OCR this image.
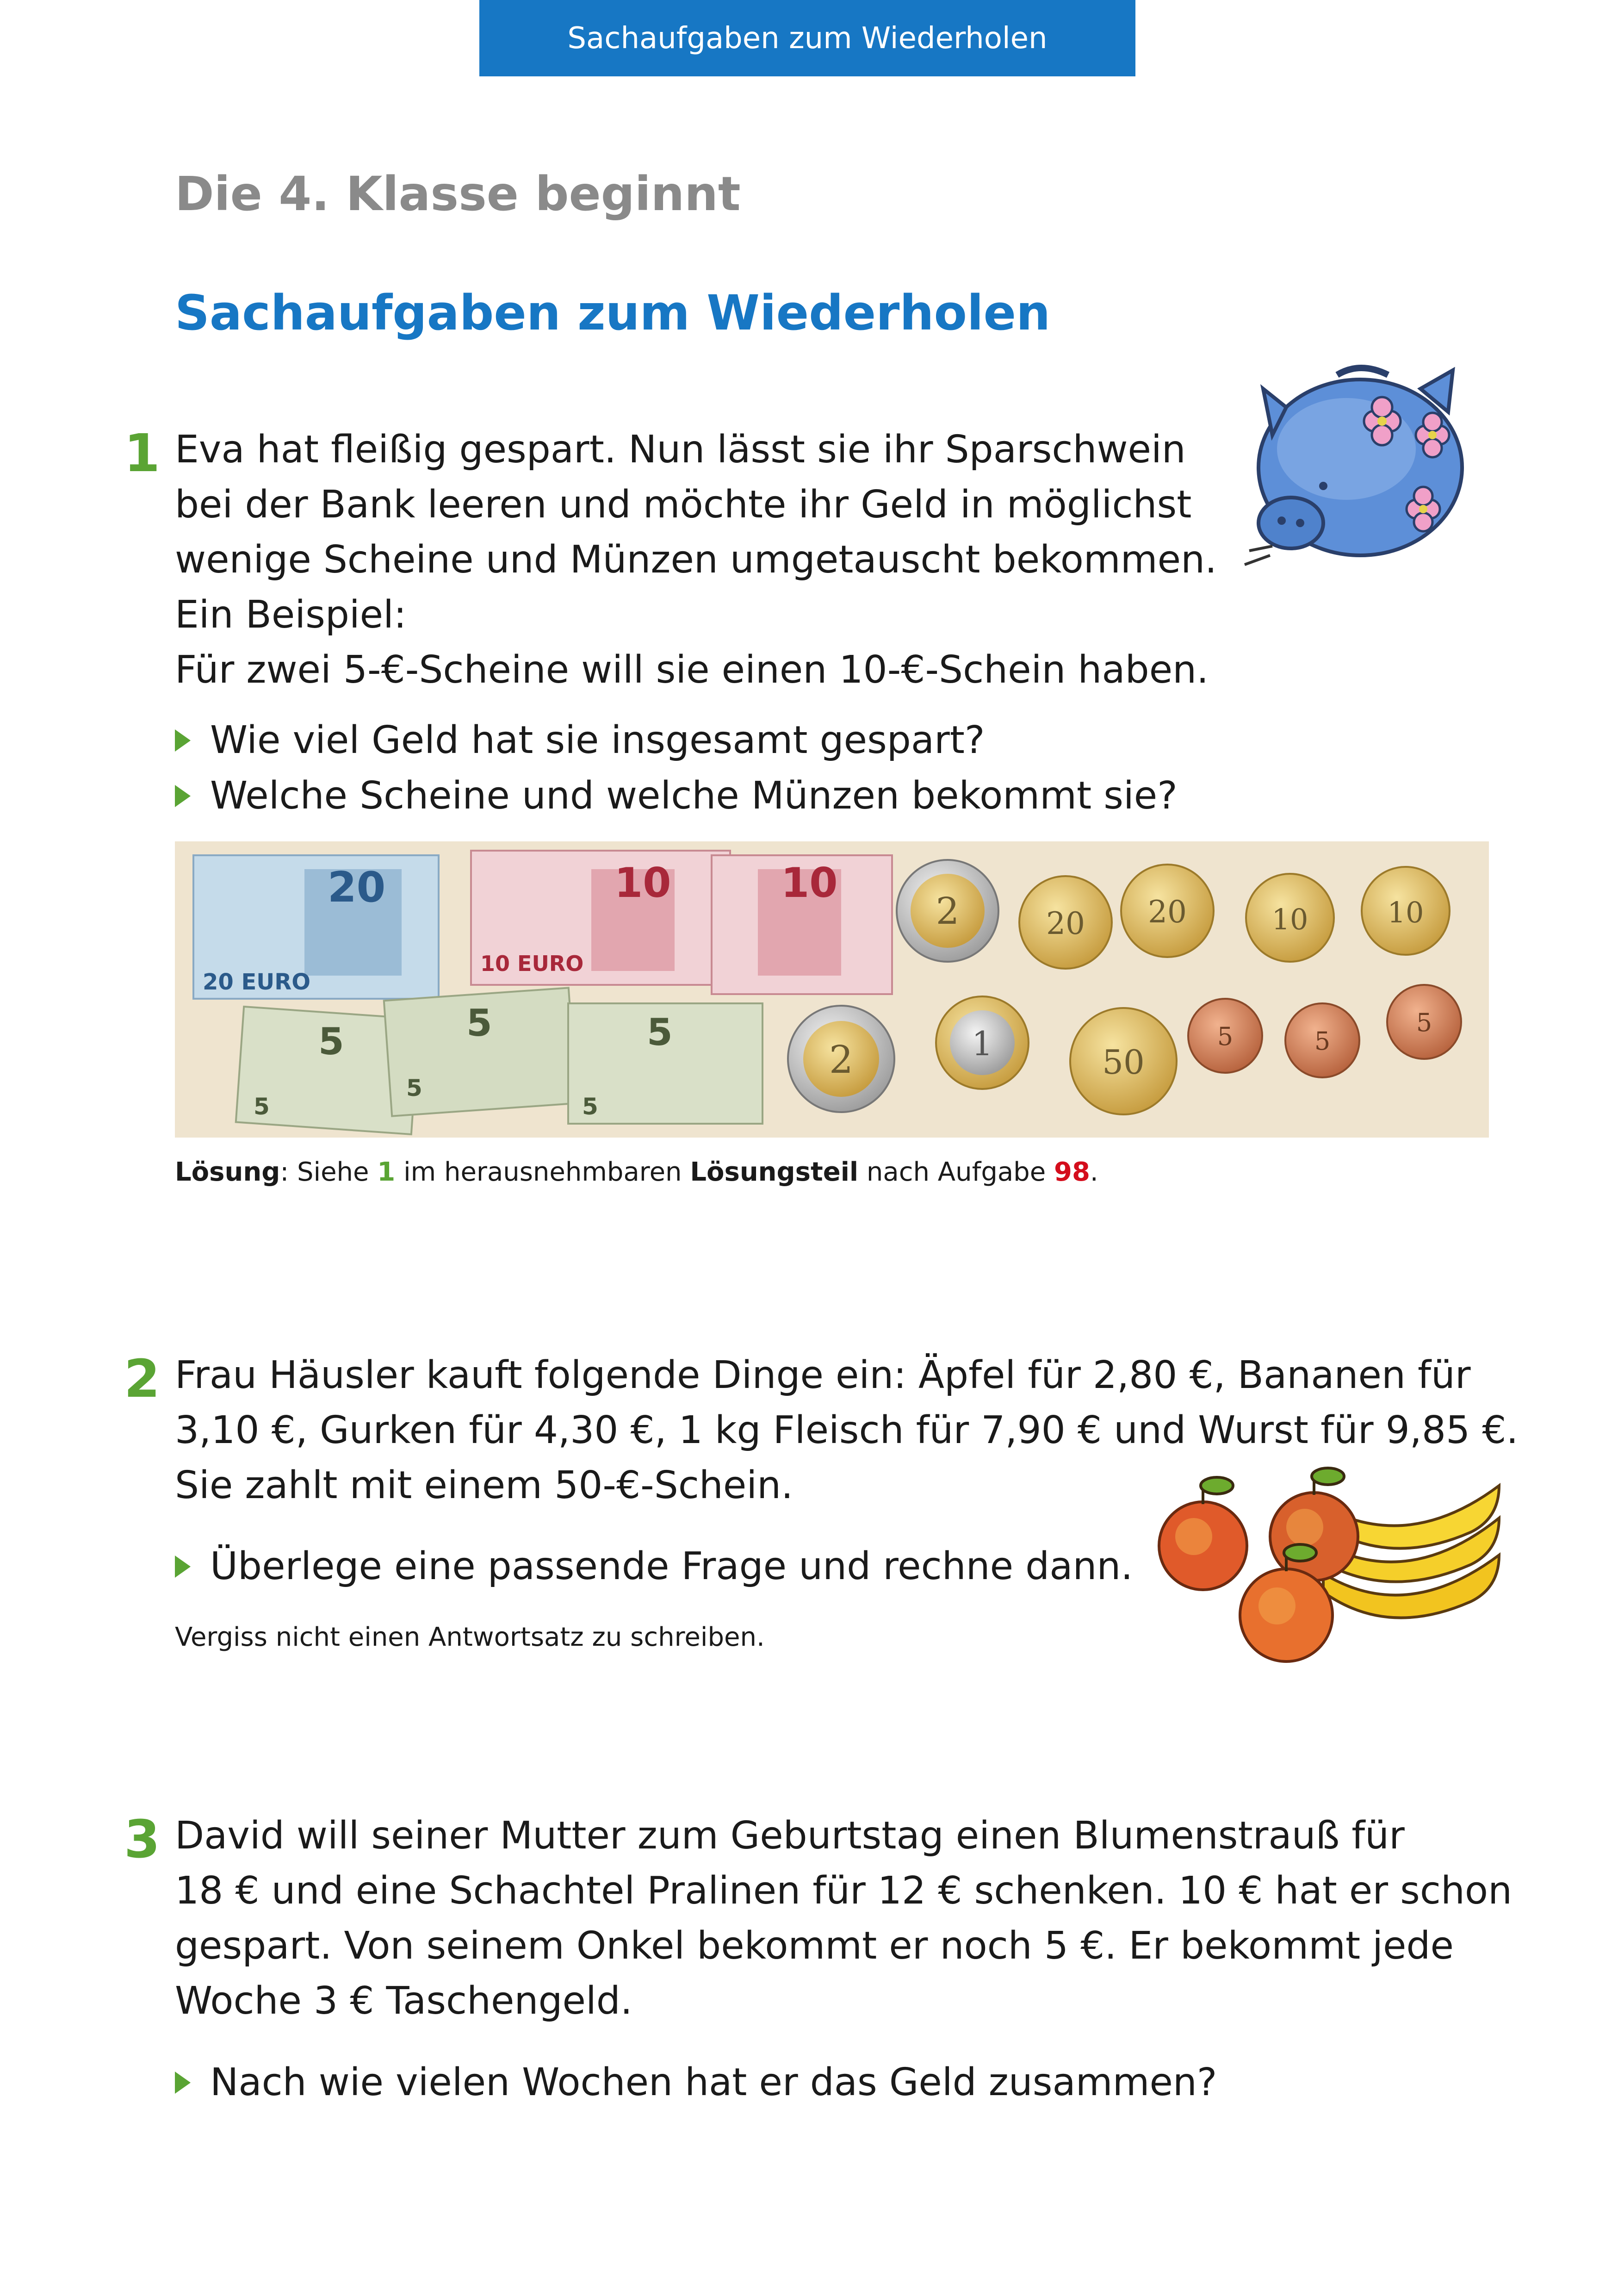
Sachaufgaben zum Wiederholen
Die 4. Klasse beginnt
Sachaufgaben zum Wiederholen
1 Eva hat fleißig gespart. Nun lässt sie ihr Sparschwein
bei der Bank leeren und möchte ihr Geld in möglichst
wenige Scheine und Münzen umgetauscht bekommen.
Ein Beispiel:
Für zwei 5-€-Scheine will sie einen 10-€-Schein haben.
Wie viel Geld hat sie insgesamt gespart?
Welche Scheine und welche Münzen bekommt sie?
20
20 EURO
10
10 EURO
10
5
5
5
5
5
5
2	20 20	10	10
2	1	50
5	5
5
Lösung: Siehe 1 im herausnehmbaren Lösungsteil nach Aufgabe 98.
2 Frau Häusler kauft folgende Dinge ein: Äpfel für 2,80 €, Bananen für
3,10 €, Gurken für 4,30 €, 1 kg Fleisch für 7,90 € und Wurst für 9,85 €.
Sie zahlt mit einem 50-€-Schein.
Überlege eine passende Frage und rechne dann.
Vergiss nicht einen Antwortsatz zu schreiben.
3 David will seiner Mutter zum Geburtstag einen Blumenstrauß für
18 € und eine Schachtel Pralinen für 12 € schenken. 10 € hat er schon
gespart. Von seinem Onkel bekommt er noch 5 €. Er bekommt jede
Woche 3 € Taschengeld.
Nach wie vielen Wochen hat er das Geld zusammen?
